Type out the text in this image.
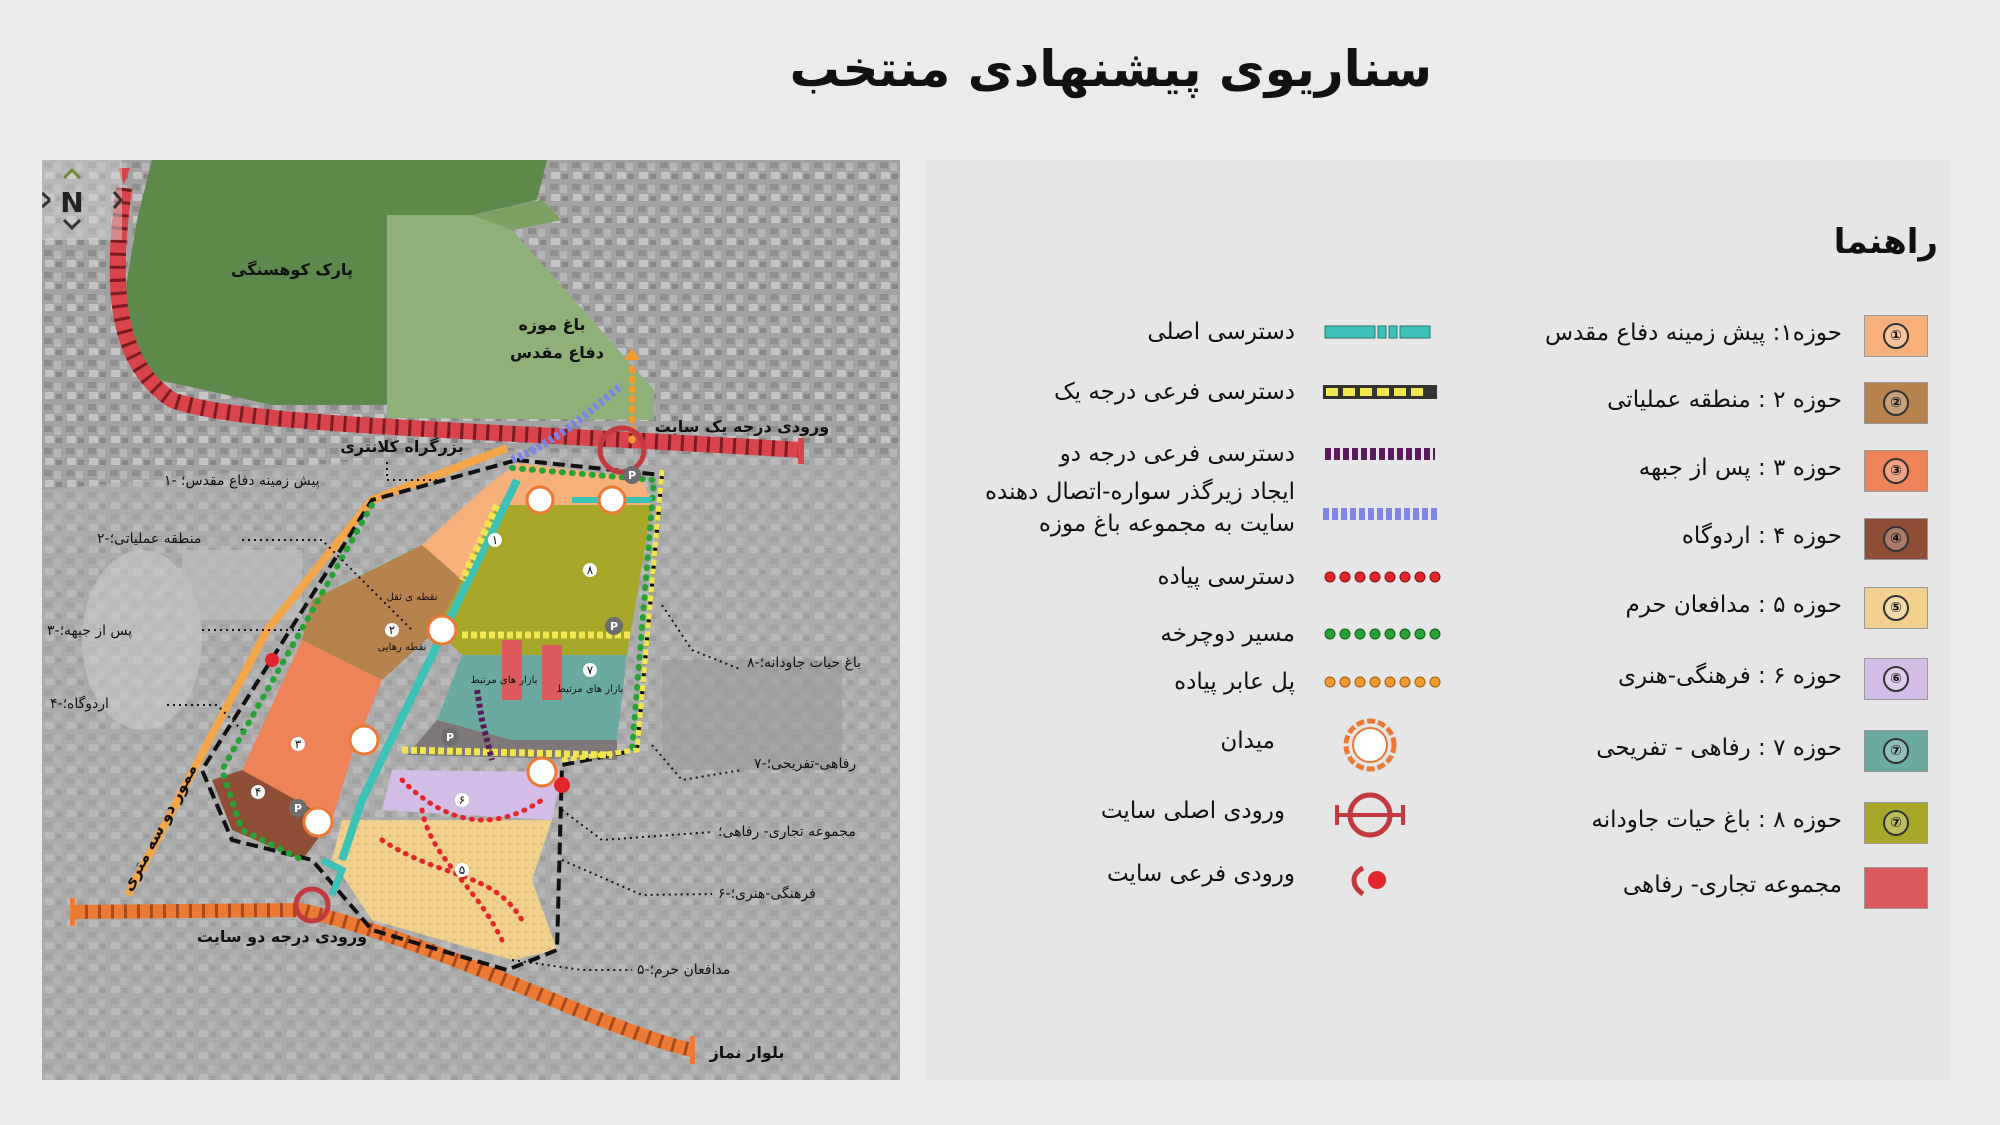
سناریوی پیشنهادی منتخب
P
P
P
P
۱
۲
۳
۴
۵
۶
۷
۸
نقطه ی ثقل
نقطه رهایی
بازار های مرتبط
بازار های مرتبط
N
پارک کوهسنگی
باغ موزه
دفاع مقدس
بزرگراه کلانتری
ورودی درجه یک سایت
ورودی درجه دو سایت
بلوار نماز
ممور دو سه متری
۱- پیش زمینه دفاع مقدس؛
۲-منطقه عملیاتی؛
۳-پس از جبهه؛
۴-اردوگاه؛
۸-باغ حیات جاودانه؛
۷-رفاهی-تفریحی؛
مجموعه تجاری- رفاهی؛
۶-فرهنگی-هنری؛
۵-مدافعان حرم؛
راهنما
①
حوزه۱: پیش زمینه دفاع مقدس
②
حوزه ۲ : منطقه عملیاتی
③
حوزه ۳ : پس از جبهه
④
حوزه ۴ : اردوگاه
⑤
حوزه ۵ : مدافعان حرم
⑥
حوزه ۶ : فرهنگی-هنری
⑦
حوزه ۷ : رفاهی - تفریحی
⑦
حوزه ۸ : باغ حیات جاودانه
مجموعه تجاری- رفاهی
دسترسی اصلی
دسترسی فرعی درجه یک
دسترسی فرعی درجه دو
ایجاد زیرگذر سواره-اتصال دهنده سایت به مجموعه باغ موزه
دسترسی پیاده
مسیر دوچرخه
پل عابر پیاده
میدان
ورودی اصلی سایت
ورودی فرعی سایت
